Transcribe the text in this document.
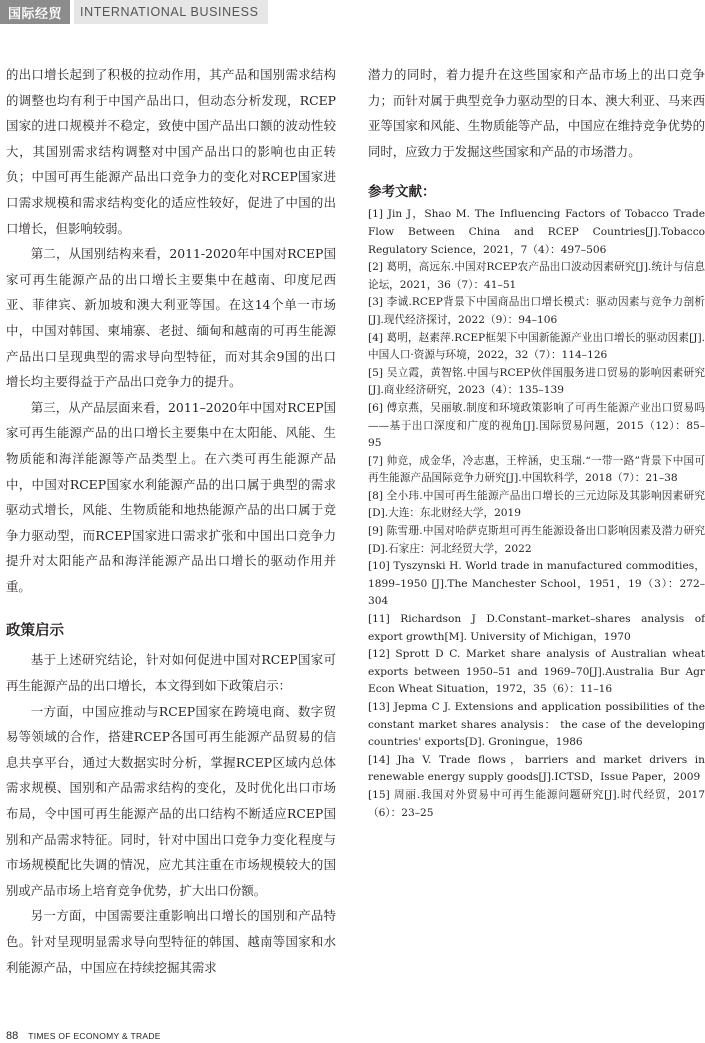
国际经贸	INTERNATIONAL BUSINESS

的出口增长起到了积极的拉动作用，其产品和国别需求结构的调整也均有利于中国产品出口，但动态分析发现，RCEP国家的进口规模并不稳定，致使中国产品出口额的波动性较大，其国别需求结构调整对中国产品出口的影响也由正转负；中国可再生能源产品出口竞争力的变化对RCEP国家进口需求规模和需求结构变化的适应性较好，促进了中国的出口增长，但影响较弱。

第二，从国别结构来看，2011-2020年中国对RCEP国家可再生能源产品的出口增长主要集中在越南、印度尼西亚、菲律宾、新加坡和澳大利亚等国。在这14个单一市场中，中国对韩国、柬埔寨、老挝、缅甸和越南的可再生能源产品出口呈现典型的需求导向型特征，而对其余9国的出口增长均主要得益于产品出口竞争力的提升。

第三，从产品层面来看，2011–2020年中国对RCEP国家可再生能源产品的出口增长主要集中在太阳能、风能、生物质能和海洋能源等产品类型上。在六类可再生能源产品中，中国对RCEP国家水利能源产品的出口属于典型的需求驱动式增长，风能、生物质能和地热能源产品的出口属于竞争力驱动型，而RCEP国家进口需求扩张和中国出口竞争力提升对太阳能产品和海洋能源产品出口增长的驱动作用并重。

政策启示

基于上述研究结论，针对如何促进中国对RCEP国家可再生能源产品的出口增长，本文得到如下政策启示：

一方面，中国应推动与RCEP国家在跨境电商、数字贸易等领域的合作，搭建RCEP各国可再生能源产品贸易的信息共享平台，通过大数据实时分析，掌握RCEP区域内总体需求规模、国别和产品需求结构的变化，及时优化出口市场布局，令中国可再生能源产品的出口结构不断适应RCEP国别和产品需求特征。同时，针对中国出口竞争力变化程度与市场规模配比失调的情况，应尤其注重在市场规模较大的国别或产品市场上培育竞争优势，扩大出口份额。

另一方面，中国需要注重影响出口增长的国别和产品特色。针对呈现明显需求导向型特征的韩国、越南等国家和水利能源产品，中国应在持续挖掘其需求

潜力的同时，着力提升在这些国家和产品市场上的出口竞争力；而针对属于典型竞争力驱动型的日本、澳大利亚、马来西亚等国家和风能、生物质能等产品，中国应在维持竞争优势的同时，应致力于发掘这些国家和产品的市场潜力。

参考文献：

[1] Jin J，Shao M. The Influencing Factors of Tobacco Trade Flow Between China and RCEP Countries[J].Tobacco Regulatory Science，2021，7（4）：497–506

[2] 葛明，高远东.中国对RCEP农产品出口波动因素研究[J].统计与信息论坛，2021，36（7）：41–51

[3] 李诚.RCEP背景下中国商品出口增长模式：驱动因素与竞争力剖析[J].现代经济探讨，2022（9）：94–106

[4] 葛明，赵素萍.RCEP框架下中国新能源产业出口增长的驱动因素[J].中国人口·资源与环境，2022，32（7）：114–126

[5] 吴立霞，黄智铭.中国与RCEP伙伴国服务进口贸易的影响因素研究[J].商业经济研究，2023（4）：135–139

[6] 傅京燕，吴丽敏.制度和环境政策影响了可再生能源产业出口贸易吗——基于出口深度和广度的视角[J].国际贸易问题，2015（12）：85–95

[7] 帅竞，成金华，冷志惠，王梓涵，史玉瑞.“一带一路”背景下中国可再生能源产品国际竞争力研究[J].中国软科学，2018（7）：21–38

[8] 全小玮.中国可再生能源产品出口增长的三元边际及其影响因素研究[D].大连：东北财经大学，2019

[9] 陈雪珊.中国对哈萨克斯坦可再生能源设备出口影响因素及潜力研究[D].石家庄：河北经贸大学，2022

[10] Tyszynski H. World trade in manufactured commodities，1899–1950 [J].The Manchester School，1951，19（3）：272–304

[11] Richardson J D.Constant–market–shares analysis of export growth[M]. University of Michigan，1970

[12] Sprott D C. Market share analysis of Australian wheat exports between 1950–51 and 1969–70[J].Australia Bur Agr Econ Wheat Situation，1972，35（6）：11–16

[13] Jepma C J. Extensions and application possibilities of the constant market shares analysis： the case of the developing countries' exports[D]. Groningue，1986

[14] Jha V. Trade flows，barriers and market drivers in renewable energy supply goods[J].ICTSD，Issue Paper，2009

[15] 周丽.我国对外贸易中可再生能源问题研究[J].时代经贸，2017（6）：23–25

88 TIMES OF ECONOMY & TRADE
